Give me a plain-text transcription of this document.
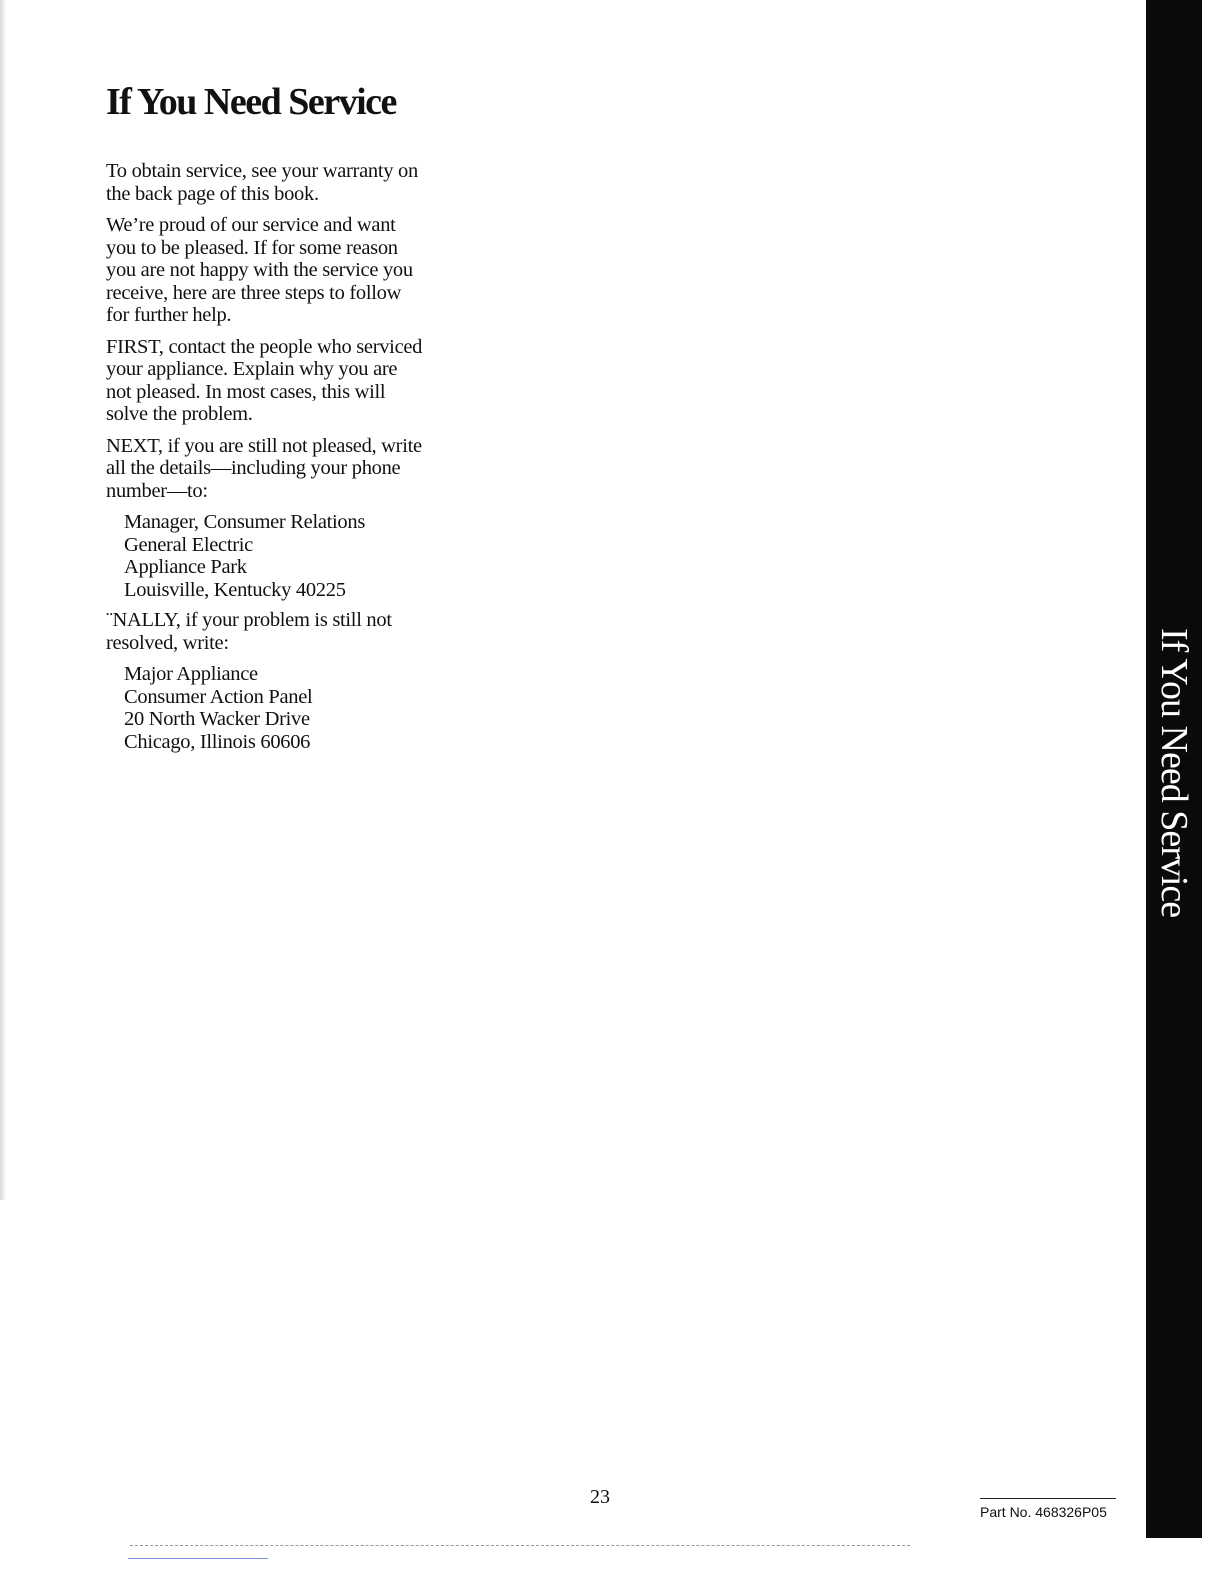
If You Need Service

To obtain service, see your warranty on the back page of this book.

We’re proud of our service and want you to be pleased. If for some reason you are not happy with the service you receive, here are three steps to follow for further help.

FIRST, contact the people who serviced your appliance. Explain why you are not pleased. In most cases, this will solve the problem.

NEXT, if you are still not pleased, write all the details—including your phone number—to:

Manager, Consumer Relations
General Electric
Appliance Park
Louisville, Kentucky 40225

¨NALLY, if your problem is still not resolved, write:

Major Appliance
Consumer Action Panel
20 North Wacker Drive
Chicago, Illinois 60606	If You Need Service
23
Part No. 468326P05
